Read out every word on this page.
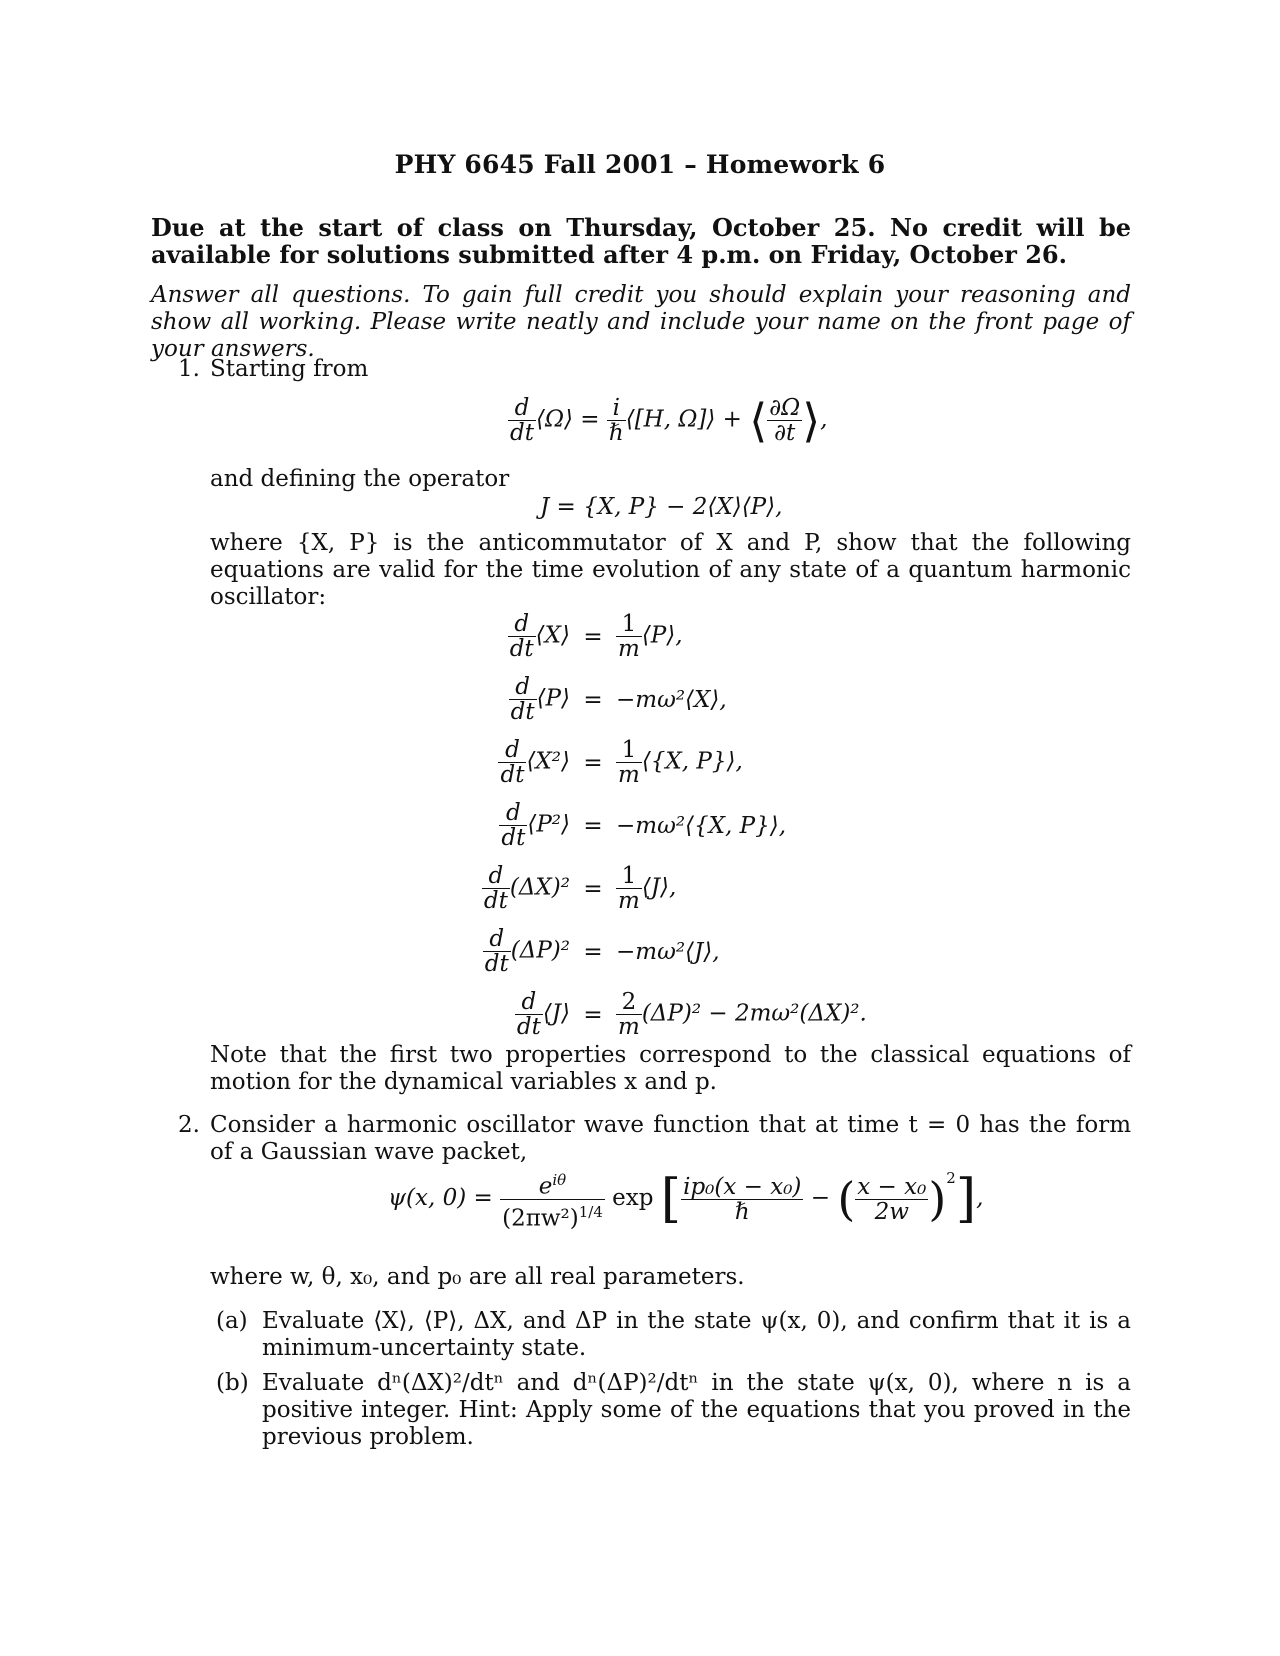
PHY 6645 Fall 2001 – Homework 6
Due at the start of class on Thursday, October 25. No credit will be available for solutions submitted after 4 p.m. on Friday, October 26.
Answer all questions. To gain full credit you should explain your reasoning and show all working. Please write neatly and include your name on the front page of your answers.
1. Starting from
$\frac{d}{dt}$ ⟨Ω⟩ = $\frac{i}{\text{ℏ}}$ ⟨[H, Ω]⟩ + ⟨ $\frac{\partial\Omega}{\partial t}$ ⟩,
and defining the operator
J = {X, P} − 2⟨X⟩⟨P⟩,
where {X, P} is the anticommutator of X and P, show that the following equations are valid for the time evolution of any state of a quantum harmonic oscillator:
$\frac{d}{dt}$ ⟨X⟩ = $\frac{1}{m}$ ⟨P⟩,
$\frac{d}{dt}$ ⟨P⟩ = −mω²⟨X⟩,
$\frac{d}{dt}$ ⟨X²⟩ = $\frac{1}{m}$ ⟨{X, P}⟩,
$\frac{d}{dt}$ ⟨P²⟩ = −mω²⟨{X, P}⟩,
$\frac{d}{dt} (\Delta X)^2 = \frac{1}{m}$ ⟨J⟩,
$\frac{d}{dt} (\Delta P)^2$ = −mω²⟨J⟩,
$\frac{d}{dt}$ ⟨J⟩ = $\frac{2}{m} (\Delta P)^2 - 2m\omega^2(\Delta X)^2$.
Note that the first two properties correspond to the classical equations of motion for the dynamical variables x and p.
2. Consider a harmonic oscillator wave function that at time t = 0 has the form of a Gaussian wave packet,
ψ(x, $0) = \frac{e^{i\theta}}{(2\pi w^2)^{1/4}}$ exp [ $\frac{\text{ip₀(x − x₀)}}{\text{ℏ}}$ − ( $\frac{\text{x − x₀}}{2w} )^2$],
where w, θ, x₀, and p₀ are all real parameters.
(a) Evaluate ⟨X⟩, ⟨P⟩, ΔX, and ΔP in the state ψ(x, 0), and confirm that it is a minimum-uncertainty state.
(b) Evaluate dⁿ(ΔX)²/dtⁿ and dⁿ(ΔP)²/dtⁿ in the state ψ(x, 0), where n is a positive integer. Hint: Apply some of the equations that you proved in the previous problem.
